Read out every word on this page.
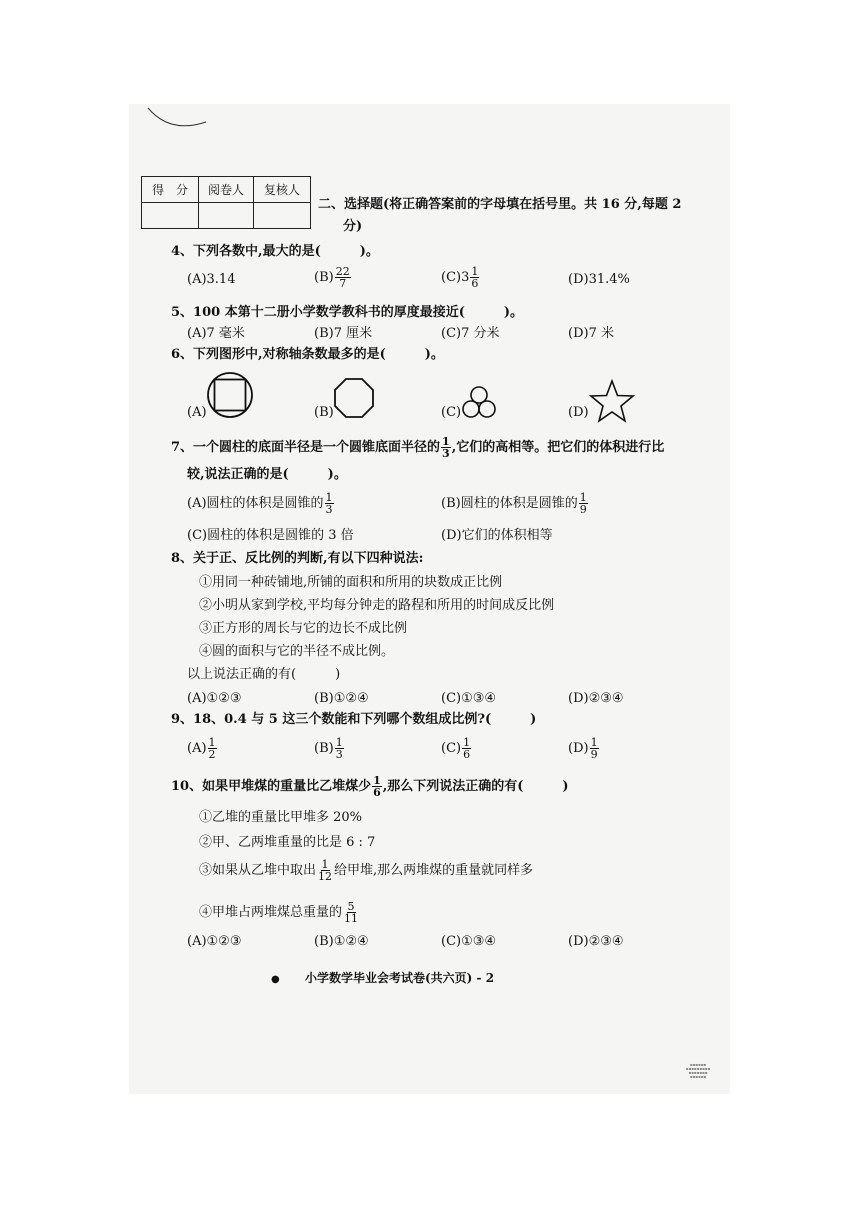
得　分	阅卷人	复核人

二、选择题(将正确答案前的字母填在括号里。共 16 分,每题 2
分)
4、下列各数中,最大的是(　　　)。
(A)3.14	$(B) \frac{22}{7}$	$(C)3 \frac{1}{6}$	(D)31.4%
5、100 本第十二册小学数学教科书的厚度最接近(　　　)。
(A)7 毫米	(B)7 厘米	(C)7 分米	(D)7 米
6、下列图形中,对称轴条数最多的是(　　　)。
(A)	(B)	(C)	(D)
7、一个圆柱的底面半径是一个圆锥底面半径的 $\frac{1}{3}$ ,它们的高相等。把它们的体积进行比
较,说法正确的是(　　　)。
(A)圆柱的体积是圆锥的 $\frac{1}{3}$	(B)圆柱的体积是圆锥的 $\frac{1}{9}$
(C)圆柱的体积是圆锥的 3 倍	(D)它们的体积相等
8、关于正、反比例的判断,有以下四种说法:
①用同一种砖铺地,所铺的面积和所用的块数成正比例
②小明从家到学校,平均每分钟走的路程和所用的时间成反比例
③正方形的周长与它的边长不成比例
④圆的面积与它的半径不成比例。
以上说法正确的有(　　　)
(A)①②③	(B)①②④	(C)①③④	(D)②③④
9、18、0.4 与 5 这三个数能和下列哪个数组成比例?(　　　)
$(A) \frac{1}{2}$	$(B) \frac{1}{3}$	$(C) \frac{1}{6}$	$(D) \frac{1}{9}$
10、如果甲堆煤的重量比乙堆煤少 $\frac{1}{6}$ ,那么下列说法正确的有(　　　)
①乙堆的重量比甲堆多 20%
②甲、乙两堆重量的比是 6 : 7
③如果从乙堆中取出 $\frac{1}{12}$ 给甲堆,那么两堆煤的重量就同样多
④甲堆占两堆煤总重量的 $\frac{5}{11}$
(A)①②③	(B)①②④	(C)①③④	(D)②③④
● 小学数学毕业会考试卷(共六页) - 2
▪▪▪▪▪▪
▪▪▪▪▪▪▪▪▪
▪▪▪▪▪▪▪
▪▪▪▪▪▪
